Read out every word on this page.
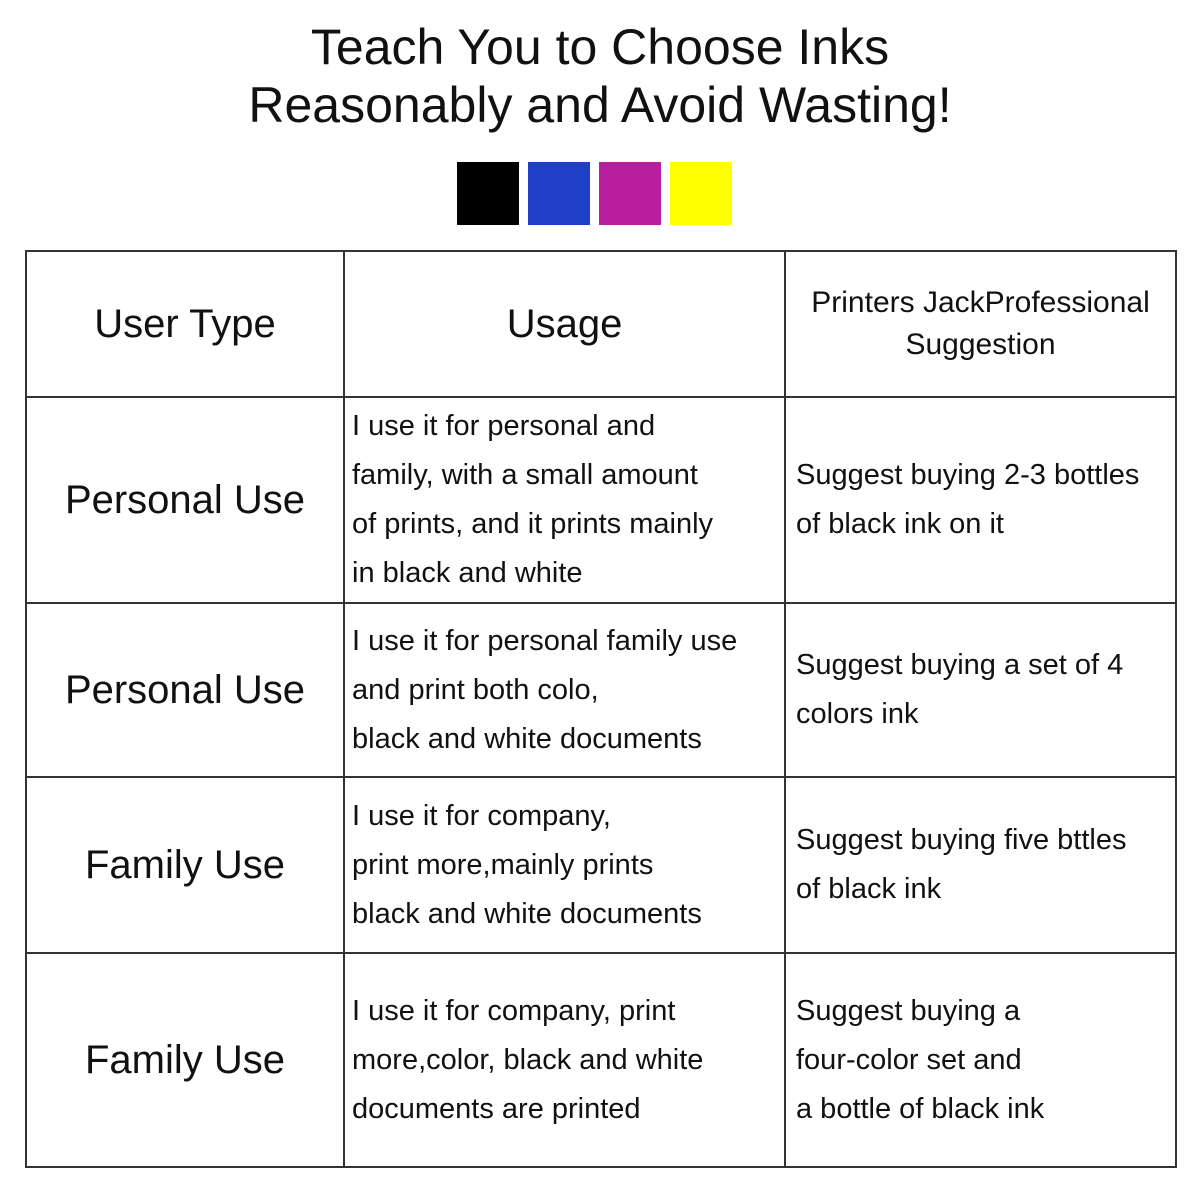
Teach You to Choose Inks
Reasonably and Avoid Wasting!
User Type	Usage	Printers JackProfessional
Suggestion

Personal Use	I use it for personal and
family, with a small amount
of prints, and it prints mainly
in black and white	Suggest buying 2-3 bottles
of black ink on it

Personal Use	I use it for personal family use
and print both colo,
black and white documents	Suggest buying a set of 4
colors ink

Family Use	I use it for company,
print more,mainly prints
black and white documents	Suggest buying five bttles
of black ink

Family Use	I use it for company, print
more,color, black and white
documents are printed	Suggest buying a
four-color set and
a bottle of black ink
